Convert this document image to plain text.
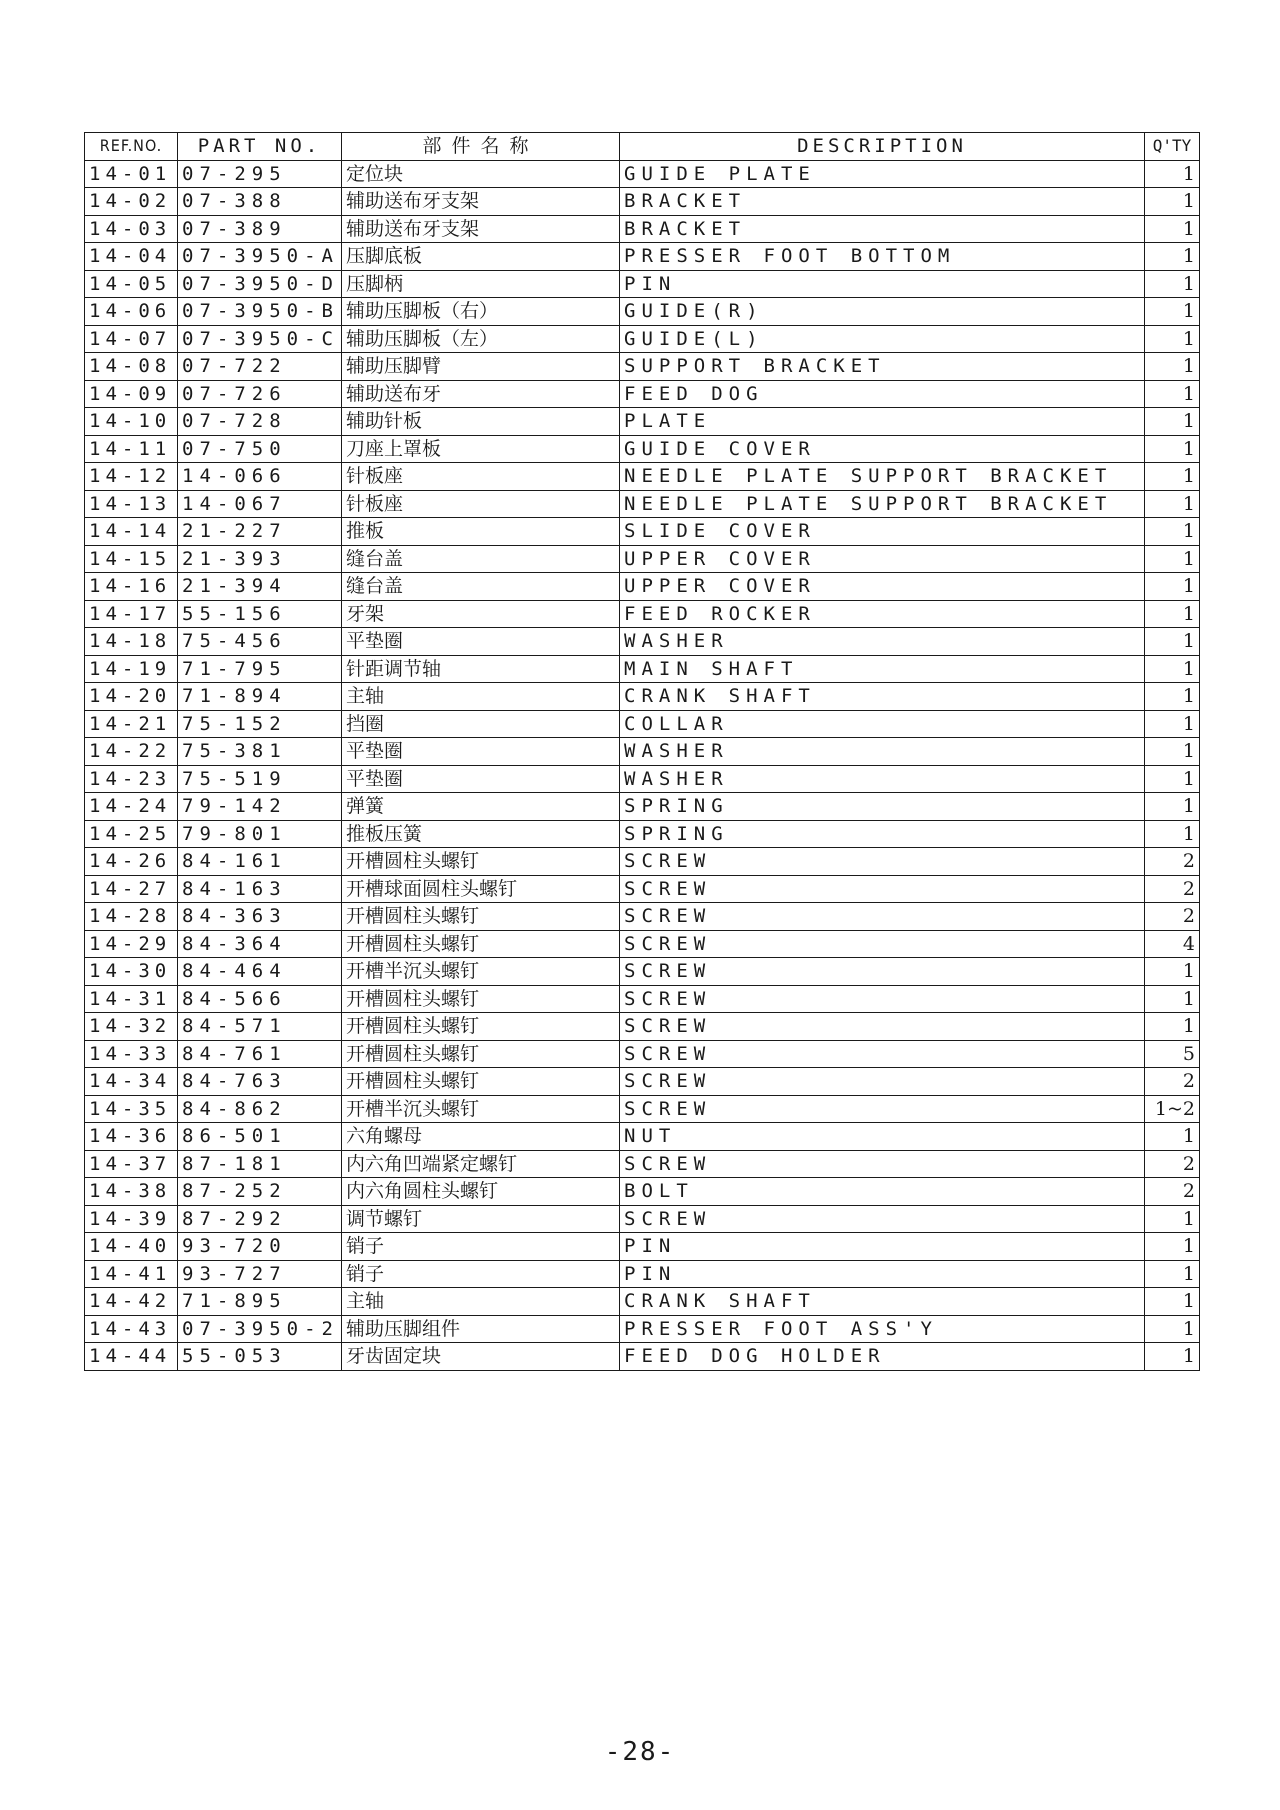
REF.NO.	PART NO.	部件名称	DESCRIPTION	Q'TY
14-01	07-295	定位块	GUIDE PLATE	1
14-02	07-388	辅助送布牙支架	BRACKET	1
14-03	07-389	辅助送布牙支架	BRACKET	1
14-04	07-3950-A	压脚底板	PRESSER FOOT BOTTOM	1
14-05	07-3950-D	压脚柄	PIN	1
14-06	07-3950-B	辅助压脚板（右）	GUIDE(R)	1
14-07	07-3950-C	辅助压脚板（左）	GUIDE(L)	1
14-08	07-722	辅助压脚臂	SUPPORT BRACKET	1
14-09	07-726	辅助送布牙	FEED DOG	1
14-10	07-728	辅助针板	PLATE	1
14-11	07-750	刀座上罩板	GUIDE COVER	1
14-12	14-066	针板座	NEEDLE PLATE SUPPORT BRACKET	1
14-13	14-067	针板座	NEEDLE PLATE SUPPORT BRACKET	1
14-14	21-227	推板	SLIDE COVER	1
14-15	21-393	缝台盖	UPPER COVER	1
14-16	21-394	缝台盖	UPPER COVER	1
14-17	55-156	牙架	FEED ROCKER	1
14-18	75-456	平垫圈	WASHER	1
14-19	71-795	针距调节轴	MAIN SHAFT	1
14-20	71-894	主轴	CRANK SHAFT	1
14-21	75-152	挡圈	COLLAR	1
14-22	75-381	平垫圈	WASHER	1
14-23	75-519	平垫圈	WASHER	1
14-24	79-142	弹簧	SPRING	1
14-25	79-801	推板压簧	SPRING	1
14-26	84-161	开槽圆柱头螺钉	SCREW	2
14-27	84-163	开槽球面圆柱头螺钉	SCREW	2
14-28	84-363	开槽圆柱头螺钉	SCREW	2
14-29	84-364	开槽圆柱头螺钉	SCREW	4
14-30	84-464	开槽半沉头螺钉	SCREW	1
14-31	84-566	开槽圆柱头螺钉	SCREW	1
14-32	84-571	开槽圆柱头螺钉	SCREW	1
14-33	84-761	开槽圆柱头螺钉	SCREW	5
14-34	84-763	开槽圆柱头螺钉	SCREW	2
14-35	84-862	开槽半沉头螺钉	SCREW	1~2
14-36	86-501	六角螺母	NUT	1
14-37	87-181	内六角凹端紧定螺钉	SCREW	2
14-38	87-252	内六角圆柱头螺钉	BOLT	2
14-39	87-292	调节螺钉	SCREW	1
14-40	93-720	销子	PIN	1
14-41	93-727	销子	PIN	1
14-42	71-895	主轴	CRANK SHAFT	1
14-43	07-3950-2	辅助压脚组件	PRESSER FOOT ASS'Y	1
14-44	55-053	牙齿固定块	FEED DOG HOLDER	1
-28-
